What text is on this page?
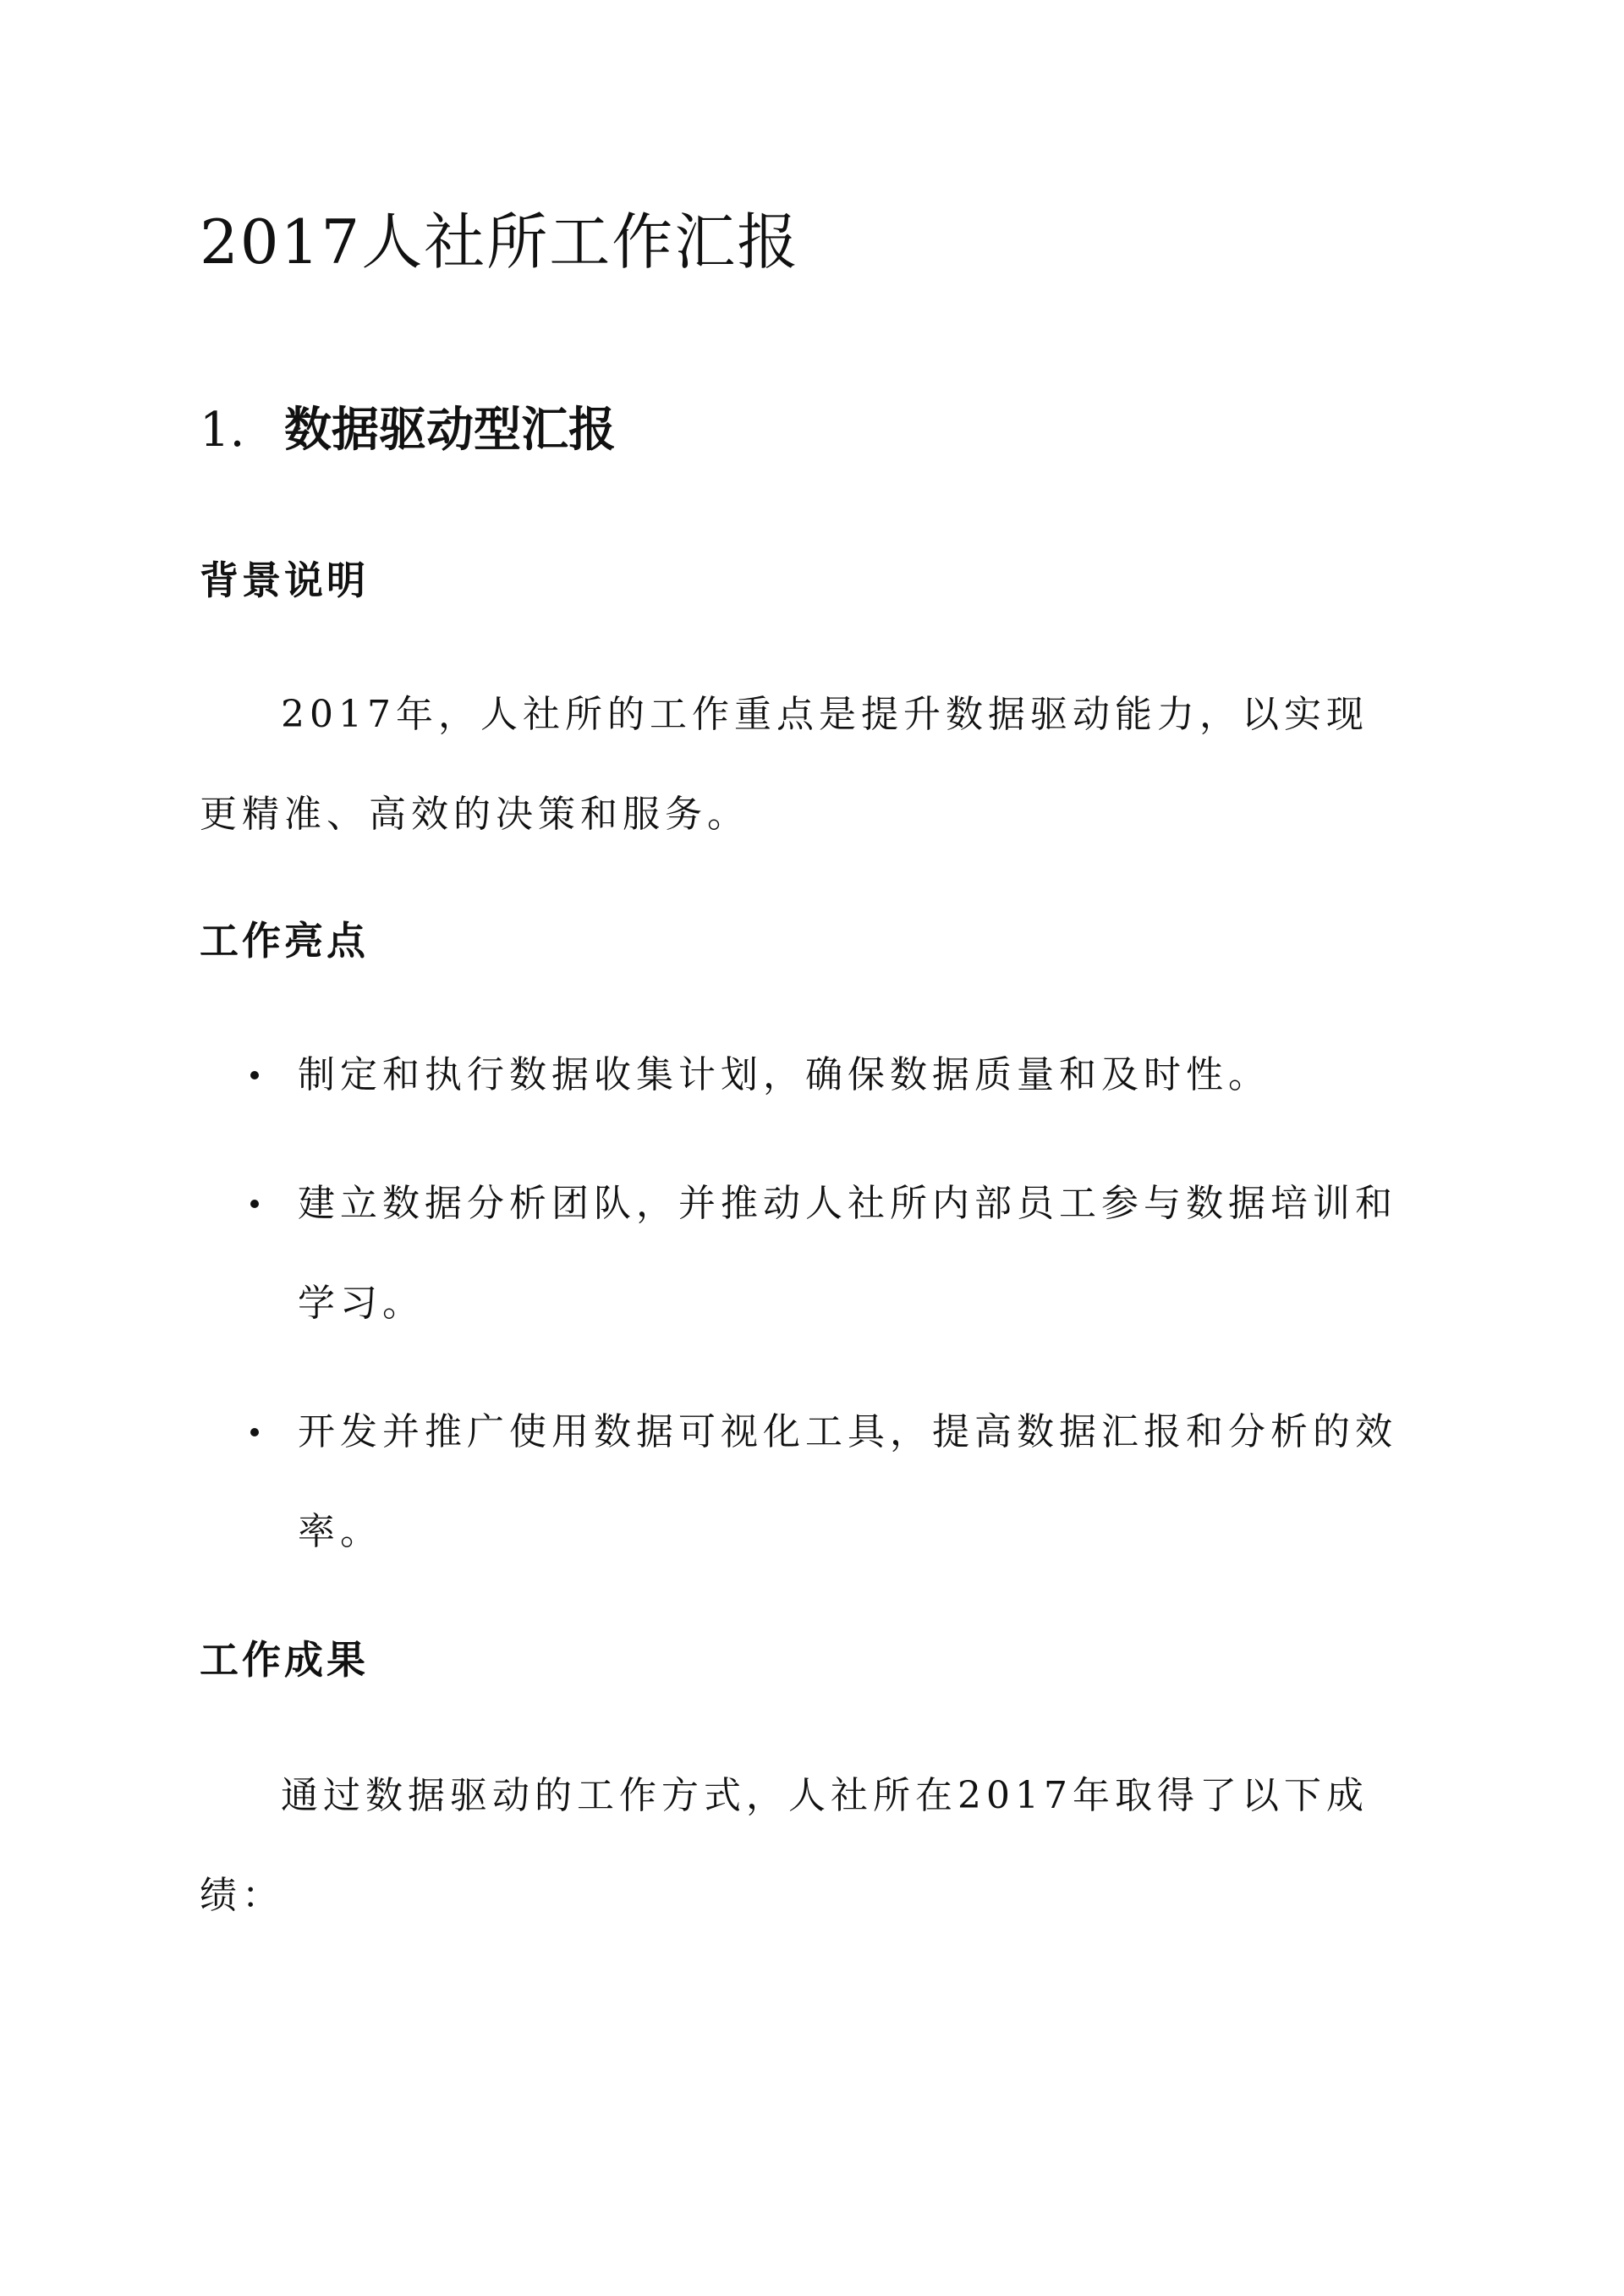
2017人社所工作汇报
1. 数据驱动型汇报
背景说明

2017年，人社所的工作重点是提升数据驱动能力，以实现更精准、高效的决策和服务。

工作亮点
制定和执行数据收集计划，确保数据质量和及时性。
建立数据分析团队，并推动人社所内部员工参与数据培训和学习。
开发并推广使用数据可视化工具，提高数据汇报和分析的效率。
工作成果

通过数据驱动的工作方式，人社所在2017年取得了以下成绩：
